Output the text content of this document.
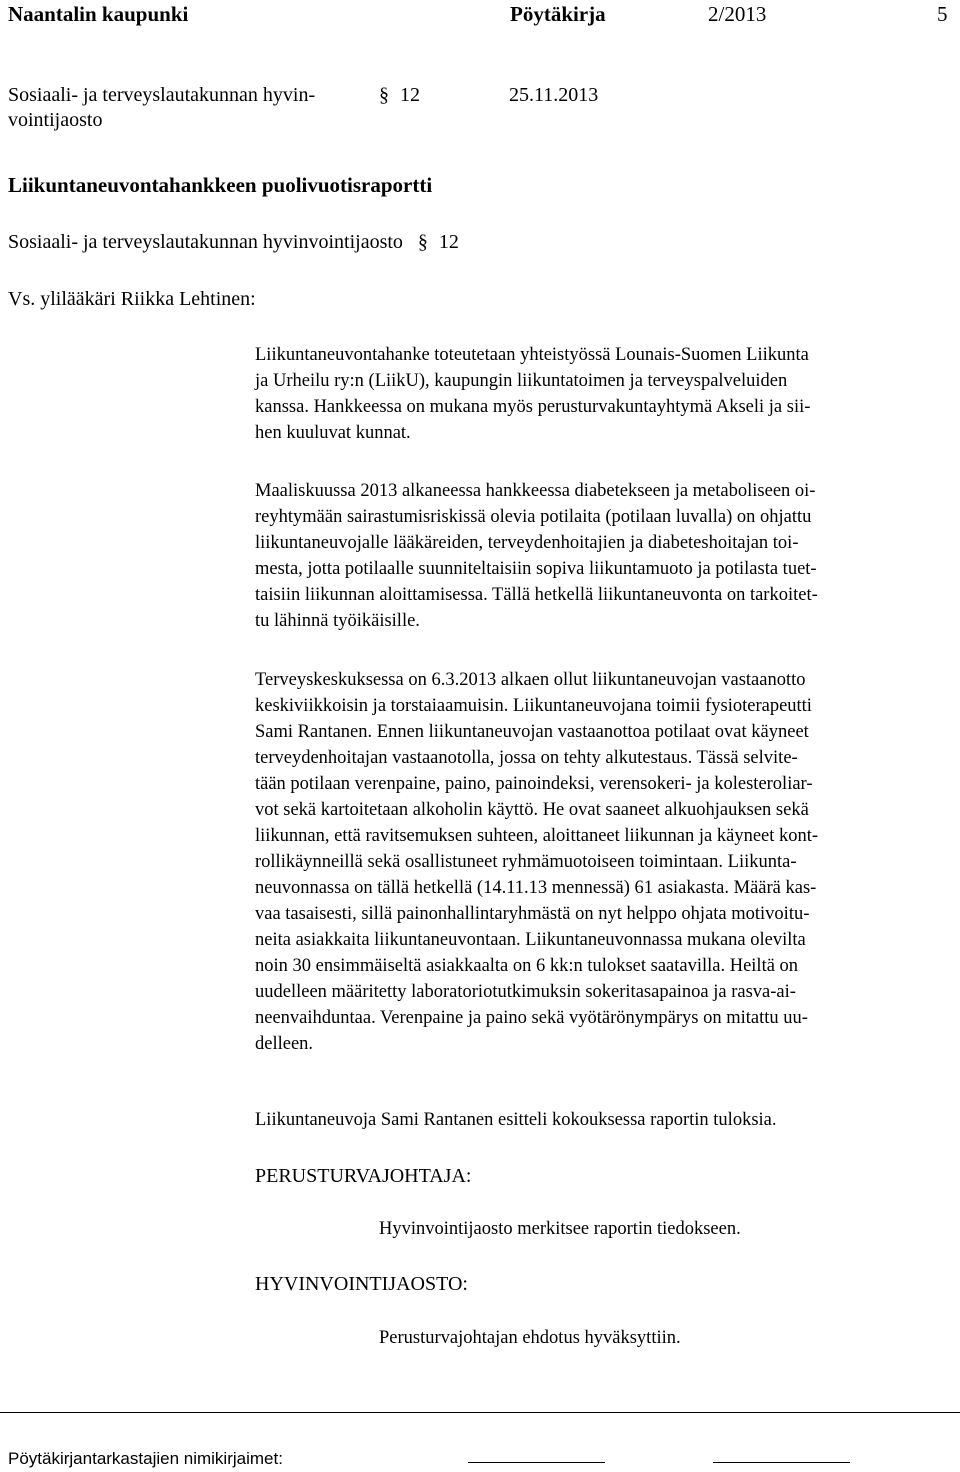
Naantalin kaupunki	Pöytäkirja	2/2013	5
Sosiaali- ja terveyslautakunnan hyvin-
vointijaosto
§ 12	25.11.2013
Liikuntaneuvontahankkeen puolivuotisraportti
Sosiaali- ja terveyslautakunnan hyvinvointijaosto § 12
Vs. ylilääkäri Riikka Lehtinen:
Liikuntaneuvontahanke toteutetaan yhteistyössä Lounais-Suomen Liikunta
ja Urheilu ry:n (LiikU), kaupungin liikuntatoimen ja terveyspalveluiden
kanssa. Hankkeessa on mukana myös perusturvakuntayhtymä Akseli ja sii-
hen kuuluvat kunnat.
Maaliskuussa 2013 alkaneessa hankkeessa diabetekseen ja metaboliseen oi-
reyhtymään sairastumisriskissä olevia potilaita (potilaan luvalla) on ohjattu
liikuntaneuvojalle lääkäreiden, terveydenhoitajien ja diabeteshoitajan toi-
mesta, jotta potilaalle suunniteltaisiin sopiva liikuntamuoto ja potilasta tuet-
taisiin liikunnan aloittamisessa. Tällä hetkellä liikuntaneuvonta on tarkoitet-
tu lähinnä työikäisille.
Terveyskeskuksessa on 6.3.2013 alkaen ollut liikuntaneuvojan vastaanotto
keskiviikkoisin ja torstaiaamuisin. Liikuntaneuvojana toimii fysioterapeutti
Sami Rantanen. Ennen liikuntaneuvojan vastaanottoa potilaat ovat käyneet
terveydenhoitajan vastaanotolla, jossa on tehty alkutestaus. Tässä selvite-
tään potilaan verenpaine, paino, painoindeksi, verensokeri- ja kolesteroliar-
vot sekä kartoitetaan alkoholin käyttö. He ovat saaneet alkuohjauksen sekä
liikunnan, että ravitsemuksen suhteen, aloittaneet liikunnan ja käyneet kont-
rollikäynneillä sekä osallistuneet ryhmämuotoiseen toimintaan. Liikunta-
neuvonnassa on tällä hetkellä (14.11.13 mennessä) 61 asiakasta. Määrä kas-
vaa tasaisesti, sillä painonhallintaryhmästä on nyt helppo ohjata motivoitu-
neita asiakkaita liikuntaneuvontaan. Liikuntaneuvonnassa mukana olevilta
noin 30 ensimmäiseltä asiakkaalta on 6 kk:n tulokset saatavilla. Heiltä on
uudelleen määritetty laboratoriotutkimuksin sokeritasapainoa ja rasva-ai-
neenvaihduntaa. Verenpaine ja paino sekä vyötärönympärys on mitattu uu-
delleen.
Liikuntaneuvoja Sami Rantanen esitteli kokouksessa raportin tuloksia.
PERUSTURVAJOHTAJA:
Hyvinvointijaosto merkitsee raportin tiedokseen.
HYVINVOINTIJAOSTO:
Perusturvajohtajan ehdotus hyväksyttiin.
Pöytäkirjantarkastajien nimikirjaimet:
